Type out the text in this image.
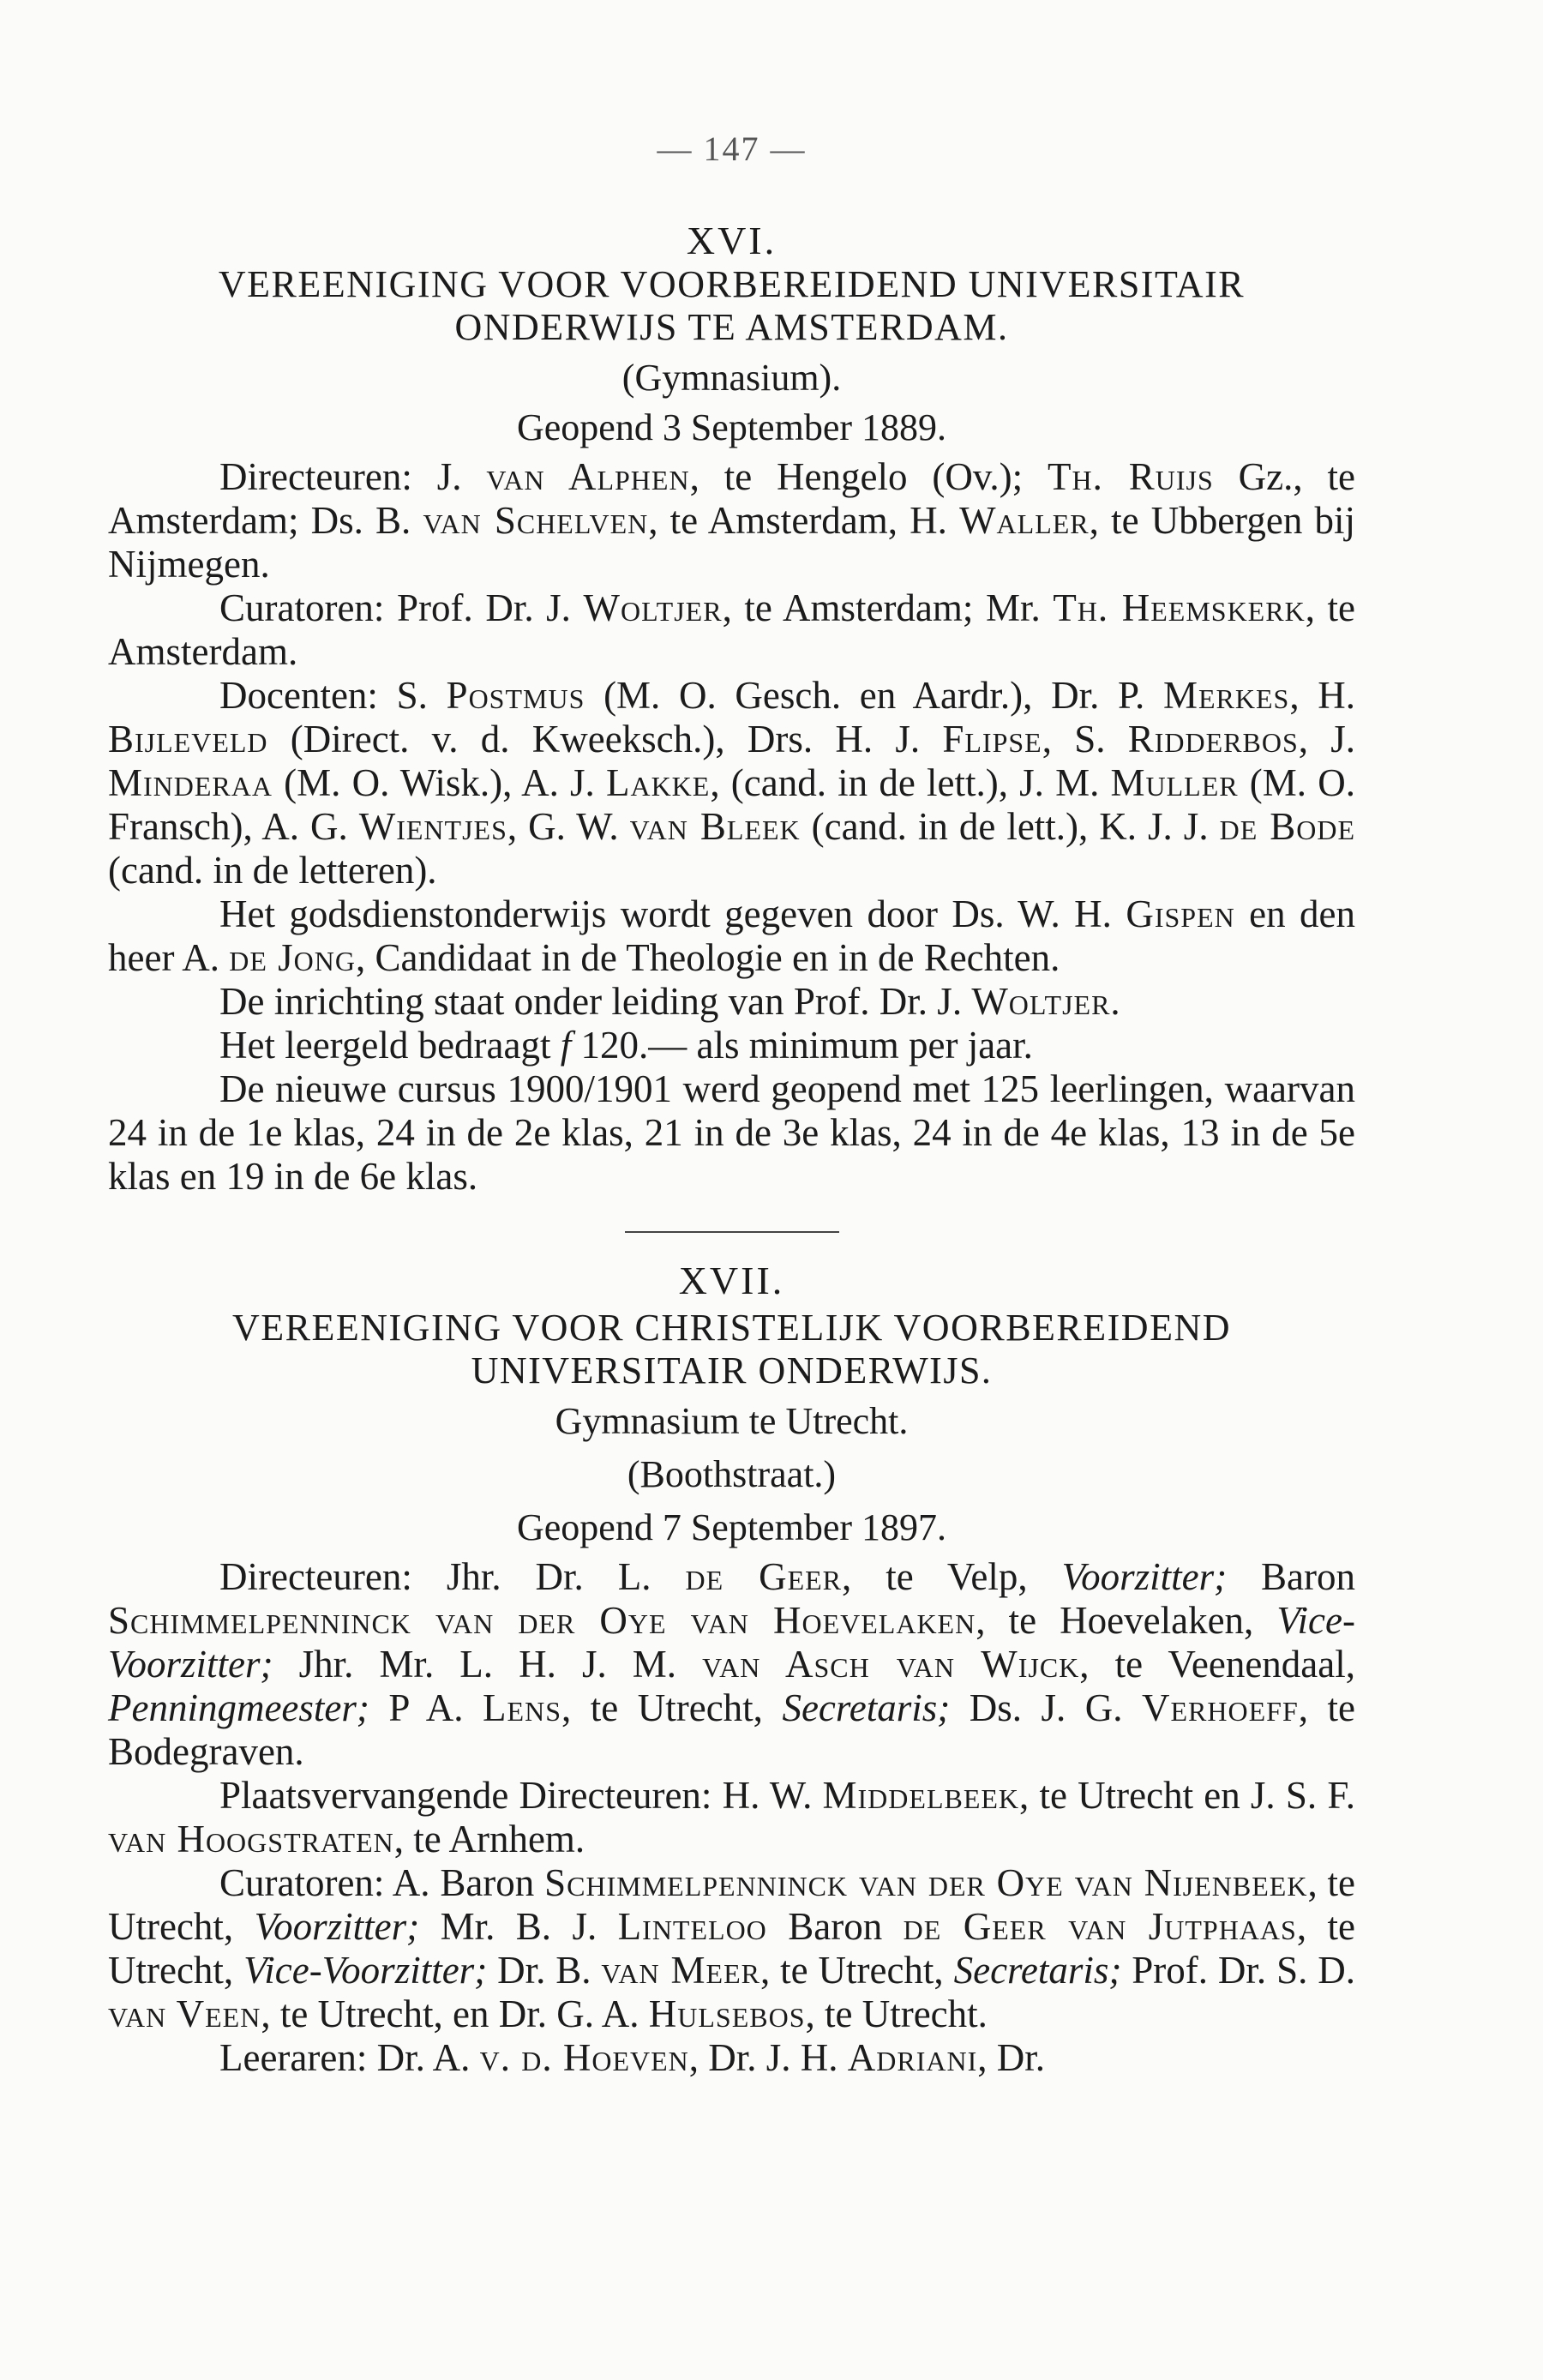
— 147 —
XVI.
VEREENIGING VOOR VOORBEREIDEND UNIVERSITAIR
ONDERWIJS TE AMSTERDAM.
(Gymnasium).
Geopend 3 September 1889.

Directeuren: J. van Alphen, te Hengelo (Ov.); Th. Ruijs Gz., te Amsterdam; Ds. B. van Schelven, te Amsterdam, H. Waller, te Ubbergen bij Nijmegen.

Curatoren: Prof. Dr. J. Woltjer, te Amsterdam; Mr. Th. Heemskerk, te Amsterdam.

Docenten: S. Postmus (M. O. Gesch. en Aardr.), Dr. P. Merkes, H. Bijleveld (Direct. v. d. Kweeksch.), Drs. H. J. Flipse, S. Ridderbos, J. Minderaa (M. O. Wisk.), A. J. Lakke, (cand. in de lett.), J. M. Muller (M. O. Fransch), A. G. Wientjes, G. W. van Bleek (cand. in de lett.), K. J. J. de Bode (cand. in de letteren).

Het godsdienstonderwijs wordt gegeven door Ds. W. H. Gispen en den heer A. de Jong, Candidaat in de Theologie en in de Rechten.

De inrichting staat onder leiding van Prof. Dr. J. Woltjer.

Het leergeld bedraagt f 120.— als minimum per jaar.

De nieuwe cursus 1900/1901 werd geopend met 125 leerlingen, waarvan 24 in de 1e klas, 24 in de 2e klas, 21 in de 3e klas, 24 in de 4e klas, 13 in de 5e klas en 19 in de 6e klas.

XVII.
VEREENIGING VOOR CHRISTELIJK VOORBEREIDEND
UNIVERSITAIR ONDERWIJS.
Gymnasium te Utrecht.
(Boothstraat.)
Geopend 7 September 1897.

Directeuren: Jhr. Dr. L. de Geer, te Velp, Voorzitter; Baron Schimmelpenninck van der Oye van Hoevelaken, te Hoevelaken, Vice-Voorzitter; Jhr. Mr. L. H. J. M. van Asch van Wijck, te Veenendaal, Penningmeester; P A. Lens, te Utrecht, Secretaris; Ds. J. G. Verhoeff, te Bodegraven.

Plaatsvervangende Directeuren: H. W. Middelbeek, te Utrecht en J. S. F. van Hoogstraten, te Arnhem.

Curatoren: A. Baron Schimmelpenninck van der Oye van Nijenbeek, te Utrecht, Voorzitter; Mr. B. J. Linteloo Baron de Geer van Jutphaas, te Utrecht, Vice-Voorzitter; Dr. B. van Meer, te Utrecht, Secretaris; Prof. Dr. S. D. van Veen, te Utrecht, en Dr. G. A. Hulsebos, te Utrecht.

Leeraren: Dr. A. v. d. Hoeven, Dr. J. H. Adriani, Dr.
